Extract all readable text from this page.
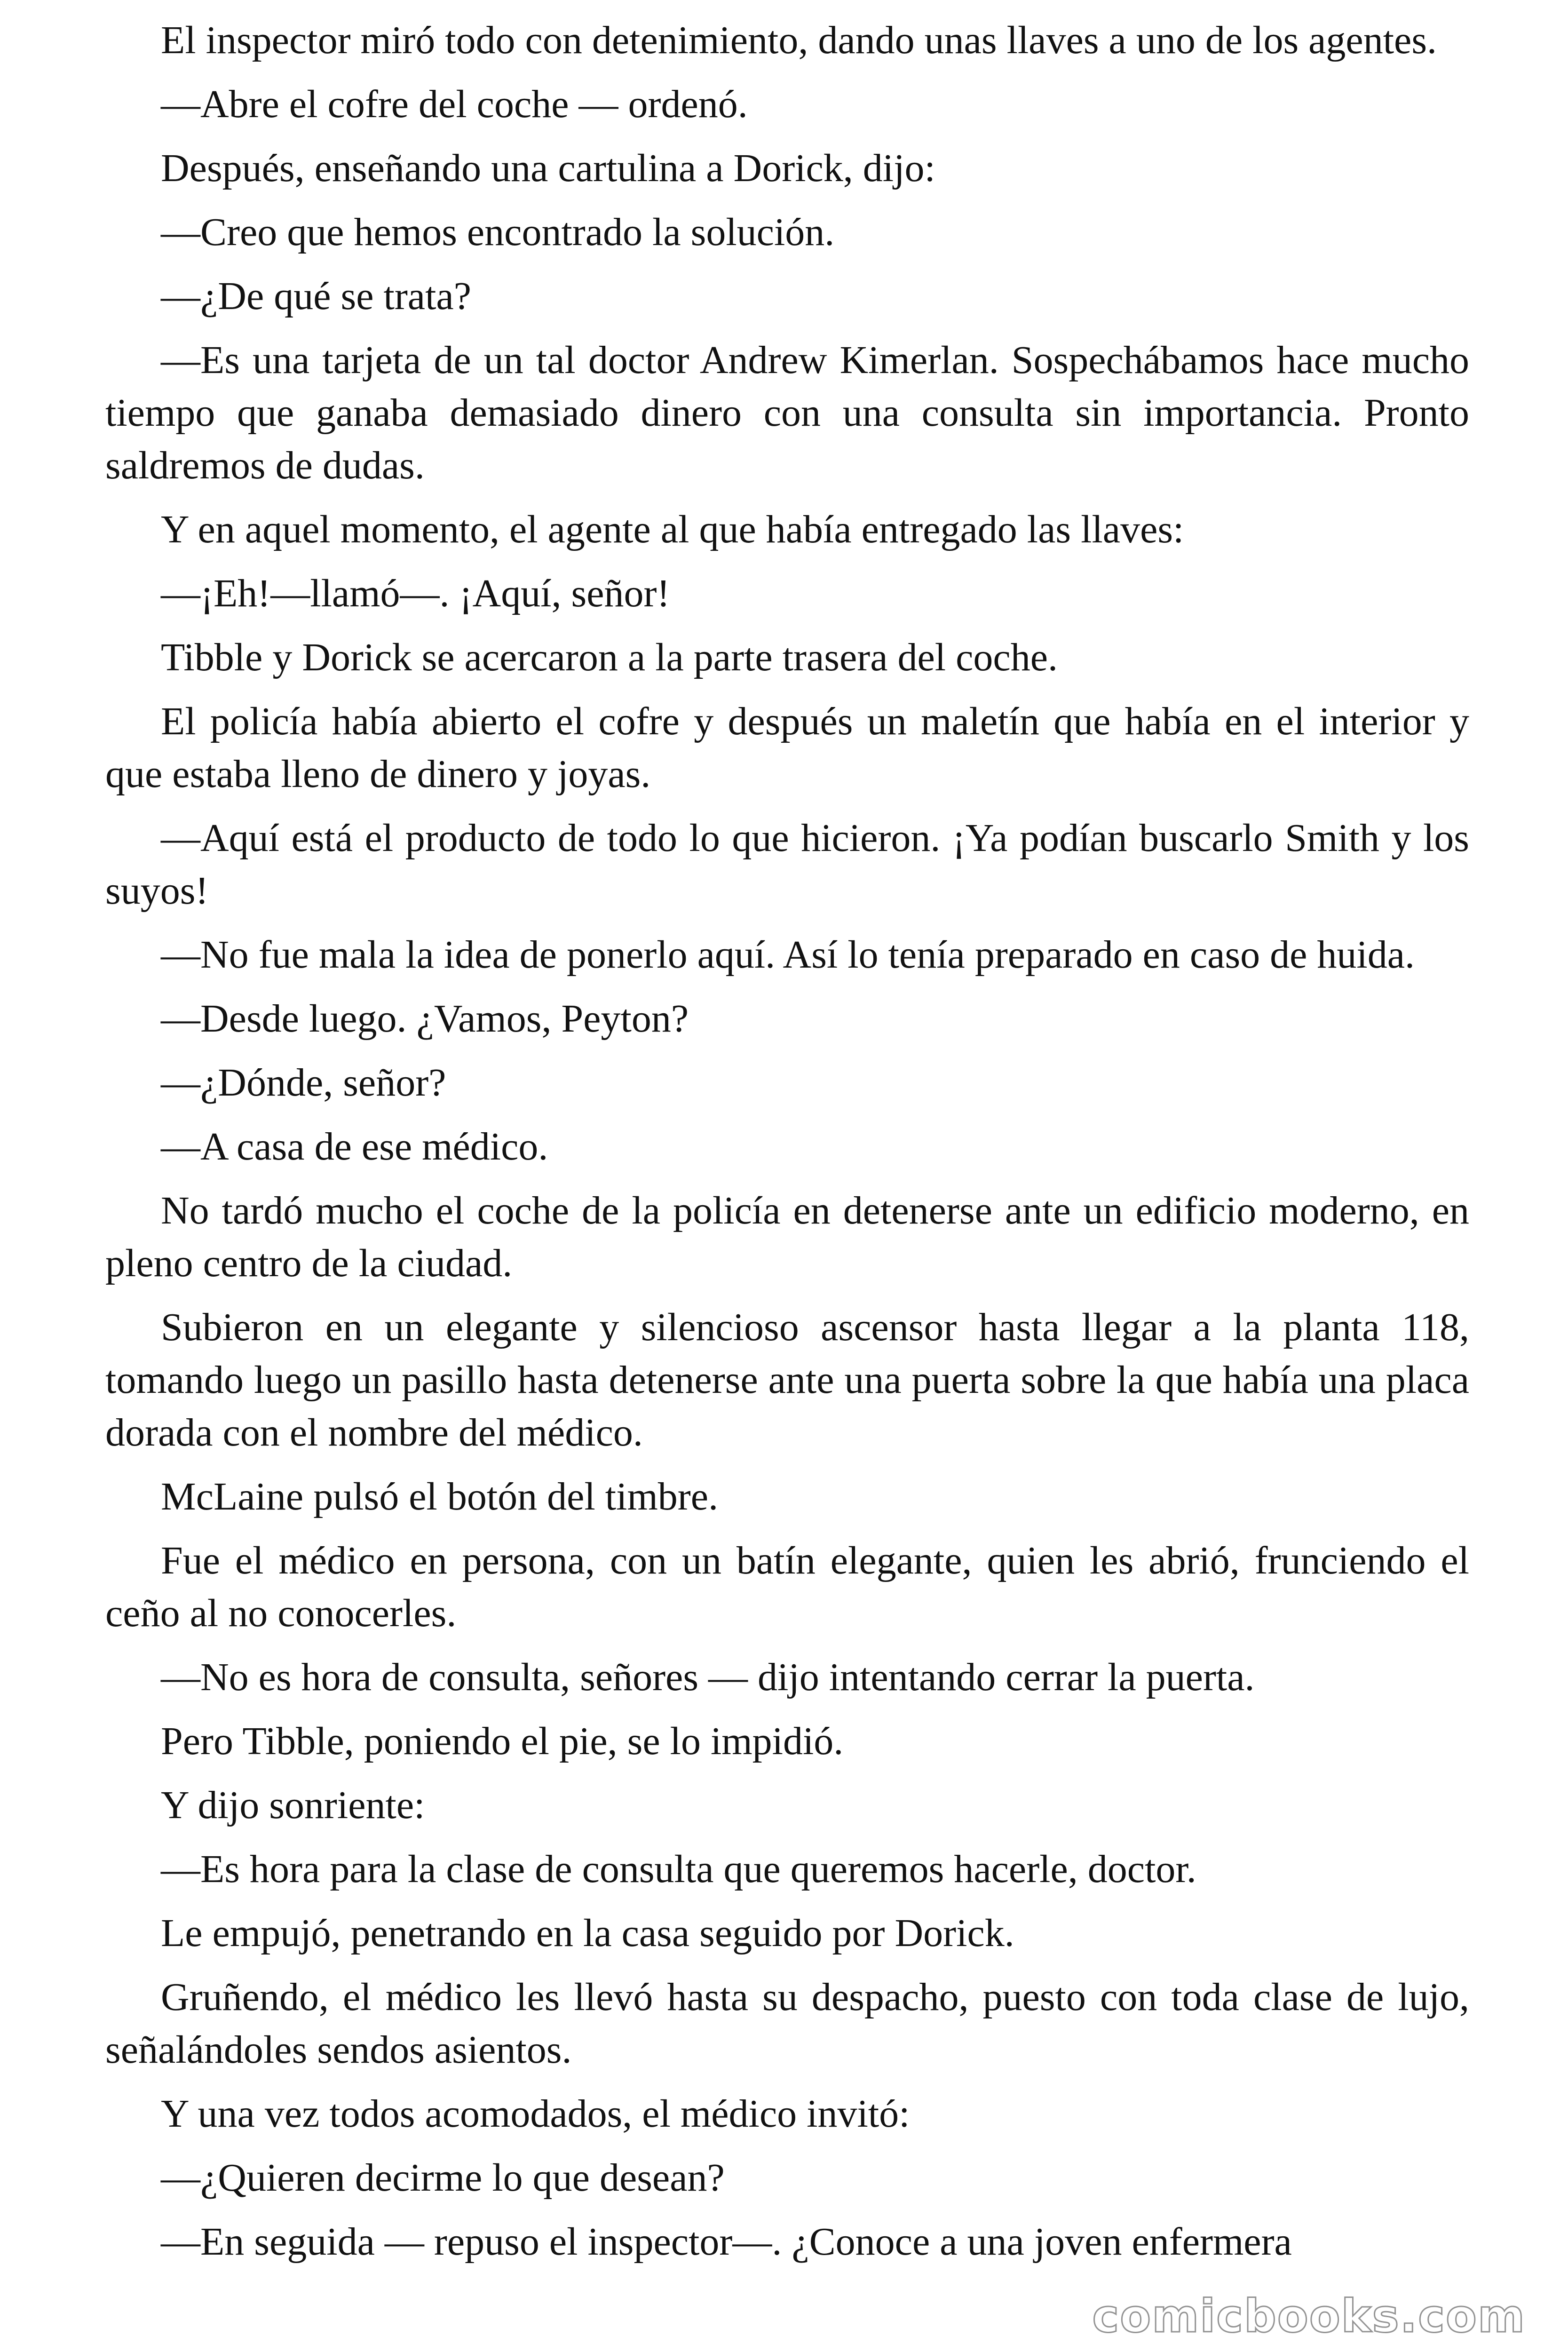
El inspector miró todo con detenimiento, dando unas llaves a uno de los agentes.

—Abre el cofre del coche — ordenó.

Después, enseñando una cartulina a Dorick, dijo:

—Creo que hemos encontrado la solución.

—¿De qué se trata?

—Es una tarjeta de un tal doctor Andrew Kimerlan. Sospechábamos hace mucho tiempo que ganaba demasiado dinero con una consulta sin importancia. Pronto saldremos de dudas.

Y en aquel momento, el agente al que había entregado las llaves:

—¡Eh!—llamó—. ¡Aquí, señor!

Tibble y Dorick se acercaron a la parte trasera del coche.

El policía había abierto el cofre y después un maletín que había en el interior y que estaba lleno de dinero y joyas.

—Aquí está el producto de todo lo que hicieron. ¡Ya podían buscarlo Smith y los suyos!

—No fue mala la idea de ponerlo aquí. Así lo tenía preparado en caso de huida.

—Desde luego. ¿Vamos, Peyton?

—¿Dónde, señor?

—A casa de ese médico.

No tardó mucho el coche de la policía en detenerse ante un edificio moderno, en pleno centro de la ciudad.

Subieron en un elegante y silencioso ascensor hasta llegar a la planta 118, tomando luego un pasillo hasta detenerse ante una puerta sobre la que había una placa dorada con el nombre del médico.

McLaine pulsó el botón del timbre.

Fue el médico en persona, con un batín elegante, quien les abrió, frunciendo el ceño al no conocerles.

—No es hora de consulta, señores — dijo intentando cerrar la puerta.

Pero Tibble, poniendo el pie, se lo impidió.

Y dijo sonriente:

—Es hora para la clase de consulta que queremos hacerle, doctor.

Le empujó, penetrando en la casa seguido por Dorick.

Gruñendo, el médico les llevó hasta su despacho, puesto con toda clase de lujo, señalándoles sendos asientos.

Y una vez todos acomodados, el médico invitó:

—¿Quieren decirme lo que desean?

—En seguida — repuso el inspector—. ¿Conoce a una joven enfermera

comicbooks.com
